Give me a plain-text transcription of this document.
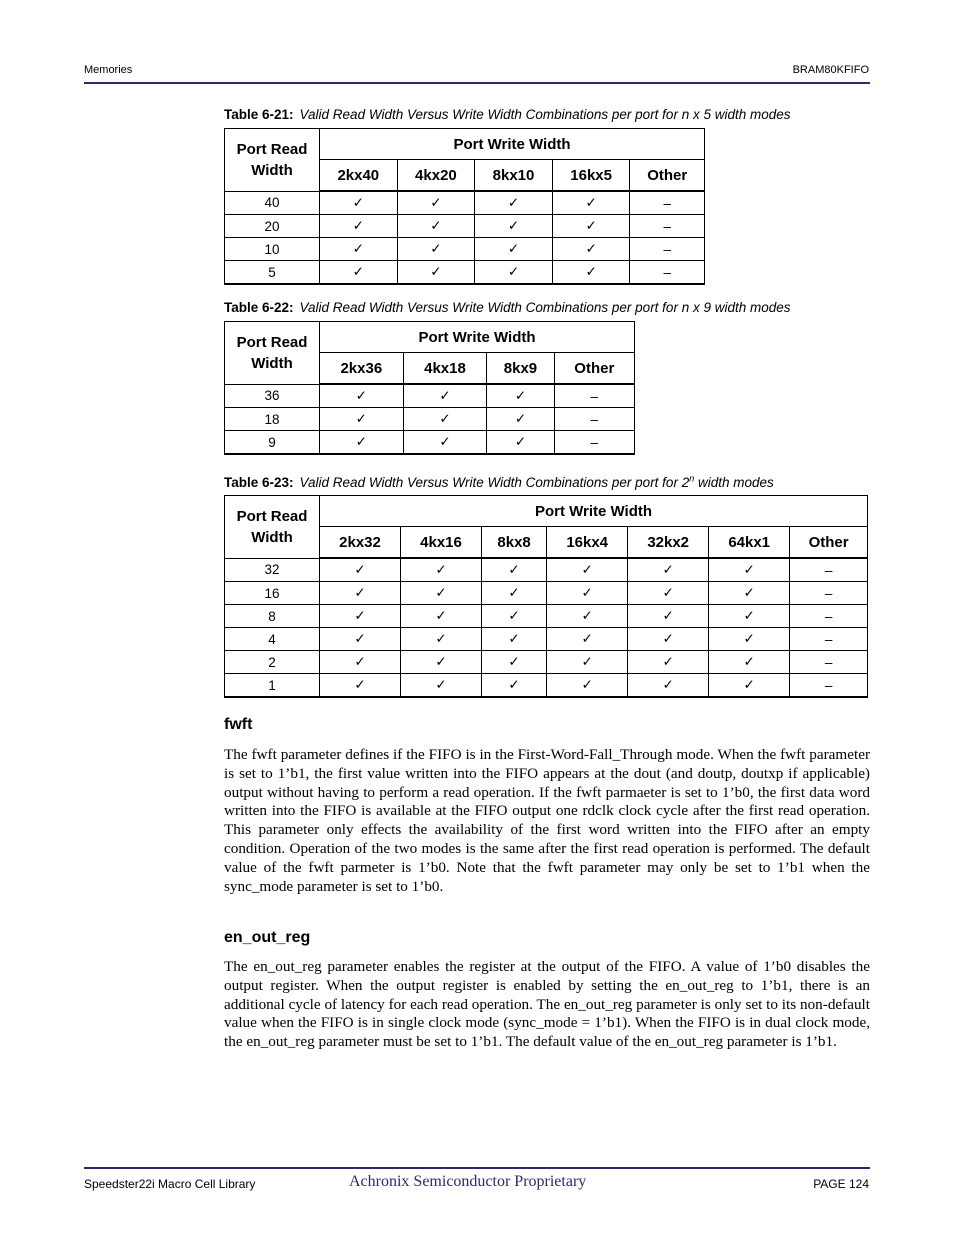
Memories	BRAM80KFIFO
Table 6-21: Valid Read Width Versus Write Width Combinations per port for n x 5 width modes
Port Read Width	Port Write Width				
	2kx40	4kx20	8kx10	16kx5	Other
40	✓	✓	✓	✓	–
20	✓	✓	✓	✓	–
10	✓	✓	✓	✓	–
5	✓	✓	✓	✓	–
Table 6-22: Valid Read Width Versus Write Width Combinations per port for n x 9 width modes
Port Read Width	Port Write Width			
	2kx36	4kx18	8kx9	Other
36	✓	✓	✓	–
18	✓	✓	✓	–
9	✓	✓	✓	–
Table 6-23: Valid Read Width Versus Write Width Combinations per port for 2$^n$ width modes
Port Read Width	Port Write Width						
	2kx32	4kx16	8kx8	16kx4	32kx2	64kx1	Other
32	✓	✓	✓	✓	✓	✓	–
16	✓	✓	✓	✓	✓	✓	–
8	✓	✓	✓	✓	✓	✓	–
4	✓	✓	✓	✓	✓	✓	–
2	✓	✓	✓	✓	✓	✓	–
1	✓	✓	✓	✓	✓	✓	–
fwft
The fwft parameter defines if the FIFO is in the First-Word-Fall_Through mode. When the fwft parameter is set to 1’b1, the first value written into the FIFO appears at the dout (and doutp, doutxp if applicable) output without having to perform a read operation. If the fwft parmaeter is set to 1’b0, the first data word written into the FIFO is available at the FIFO output one rdclk clock cycle after the first read operation. This parameter only effects the availability of the first word written into the FIFO after an empty condition. Operation of the two modes is the same after the first read operation is performed. The default value of the fwft parmeter is 1’b0. Note that the fwft parameter may only be set to 1’b1 when the sync_mode parameter is set to 1’b0.
en_out_reg
The en_out_reg parameter enables the register at the output of the FIFO. A value of 1’b0 disables the output register. When the output register is enabled by setting the en_out_reg to 1’b1, there is an additional cycle of latency for each read operation. The en_out_reg parameter is only set to its non-default value when the FIFO is in single clock mode (sync_mode = 1’b1). When the FIFO is in dual clock mode, the en_out_reg parameter must be set to 1’b1. The default value of the en_out_reg parameter is 1’b1.
Speedster22i Macro Cell Library	Achronix Semiconductor Proprietary	PAGE 124
